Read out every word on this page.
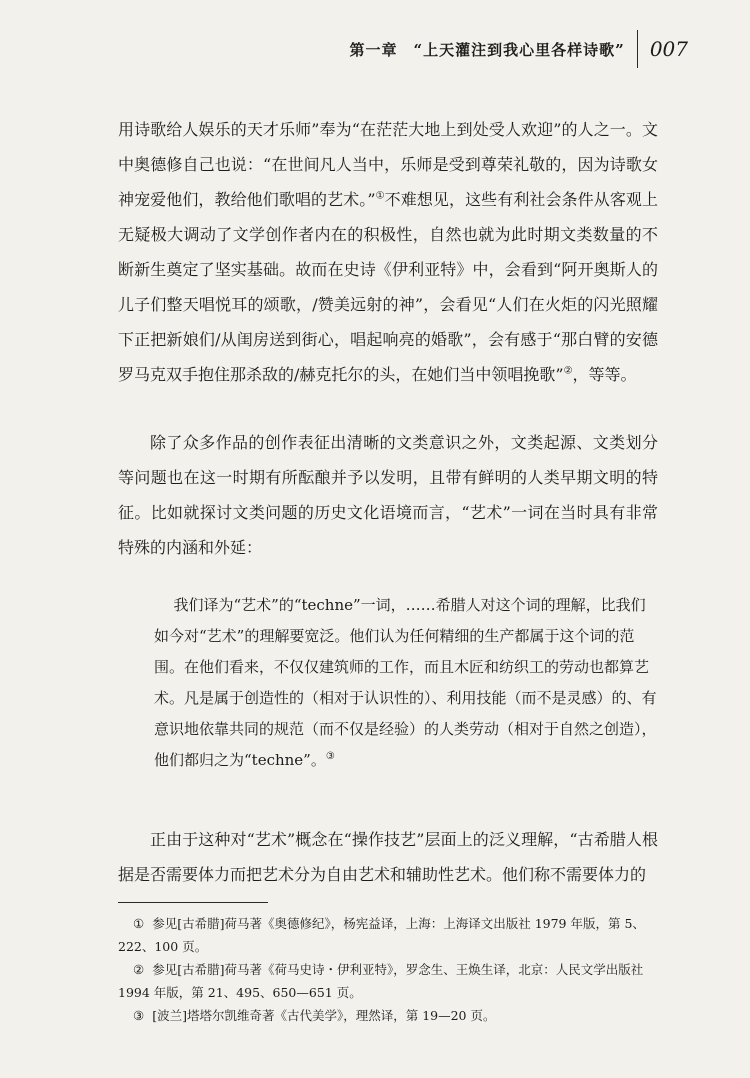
第一章　“上天灌注到我心里各样诗歌” 007

用诗歌给人娱乐的天才乐师”奉为“在茫茫大地上到处受人欢迎”的人之一。文中奥德修自己也说：“在世间凡人当中，乐师是受到尊荣礼敬的，因为诗歌女神宠爱他们，教给他们歌唱的艺术。”①不难想见，这些有利社会条件从客观上无疑极大调动了文学创作者内在的积极性，自然也就为此时期文类数量的不断新生奠定了坚实基础。故而在史诗《伊利亚特》中，会看到“阿开奥斯人的儿子们整天唱悦耳的颂歌，/赞美远射的神”，会看见“人们在火炬的闪光照耀下正把新娘们/从闺房送到街心，唱起响亮的婚歌”，会有感于“那白臂的安德罗马克双手抱住那杀敌的/赫克托尔的头，在她们当中领唱挽歌”②，等等。

除了众多作品的创作表征出清晰的文类意识之外，文类起源、文类划分等问题也在这一时期有所酝酿并予以发明，且带有鲜明的人类早期文明的特征。比如就探讨文类问题的历史文化语境而言，“艺术”一词在当时具有非常特殊的内涵和外延：

我们译为“艺术”的“techne”一词，……希腊人对这个词的理解，比我们如今对“艺术”的理解要宽泛。他们认为任何精细的生产都属于这个词的范围。在他们看来，不仅仅建筑师的工作，而且木匠和纺织工的劳动也都算艺术。凡是属于创造性的（相对于认识性的）、利用技能（而不是灵感）的、有意识地依靠共同的规范（而不仅是经验）的人类劳动（相对于自然之创造），他们都归之为“techne”。③

正由于这种对“艺术”概念在“操作技艺”层面上的泛义理解，“古希腊人根据是否需要体力而把艺术分为自由艺术和辅助性艺术。他们称不需要体力的

① 参见[古希腊]荷马著《奥德修纪》，杨宪益译，上海：上海译文出版社 1979 年版，第 5、222、100 页。

② 参见[古希腊]荷马著《荷马史诗・伊利亚特》，罗念生、王焕生译，北京：人民文学出版社 1994 年版，第 21、495、650—651 页。

③ [波兰]塔塔尔凯维奇著《古代美学》，理然译，第 19—20 页。
